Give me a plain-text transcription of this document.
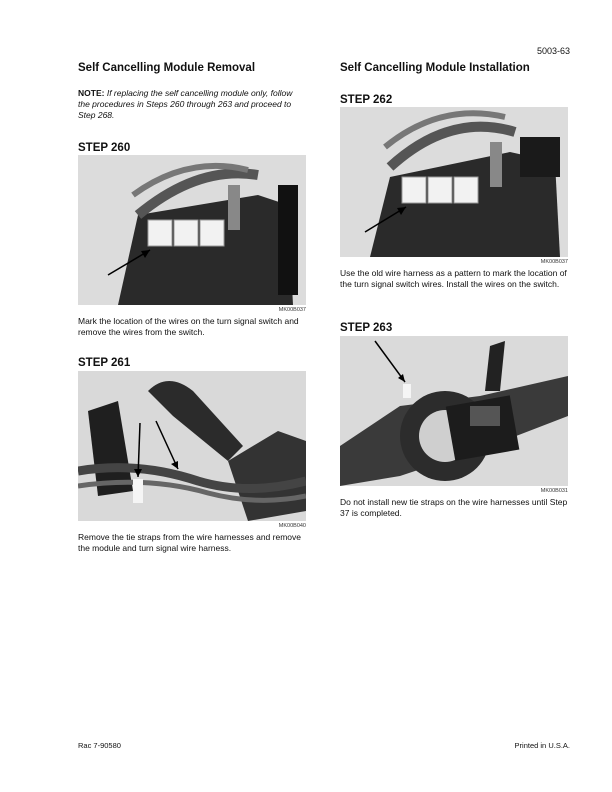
5003-63
Self Cancelling Module Removal
NOTE: If replacing the self cancelling module only, follow the procedures in Steps 260 through 263 and proceed to Step 268.
STEP 260
MK00B037
Mark the location of the wires on the turn signal switch and remove the wires from the switch.
STEP 261
MK00B040
Remove the tie straps from the wire harnesses and remove the module and turn signal wire harness.
Self Cancelling Module Installation
STEP 262
MK00B037
Use the old wire harness as a pattern to mark the location of the turn signal switch wires. Install the wires on the switch.
STEP 263
MK00B031
Do not install new tie straps on the wire harnesses until Step 37 is completed.
Rac 7-90580	Printed in U.S.A.
